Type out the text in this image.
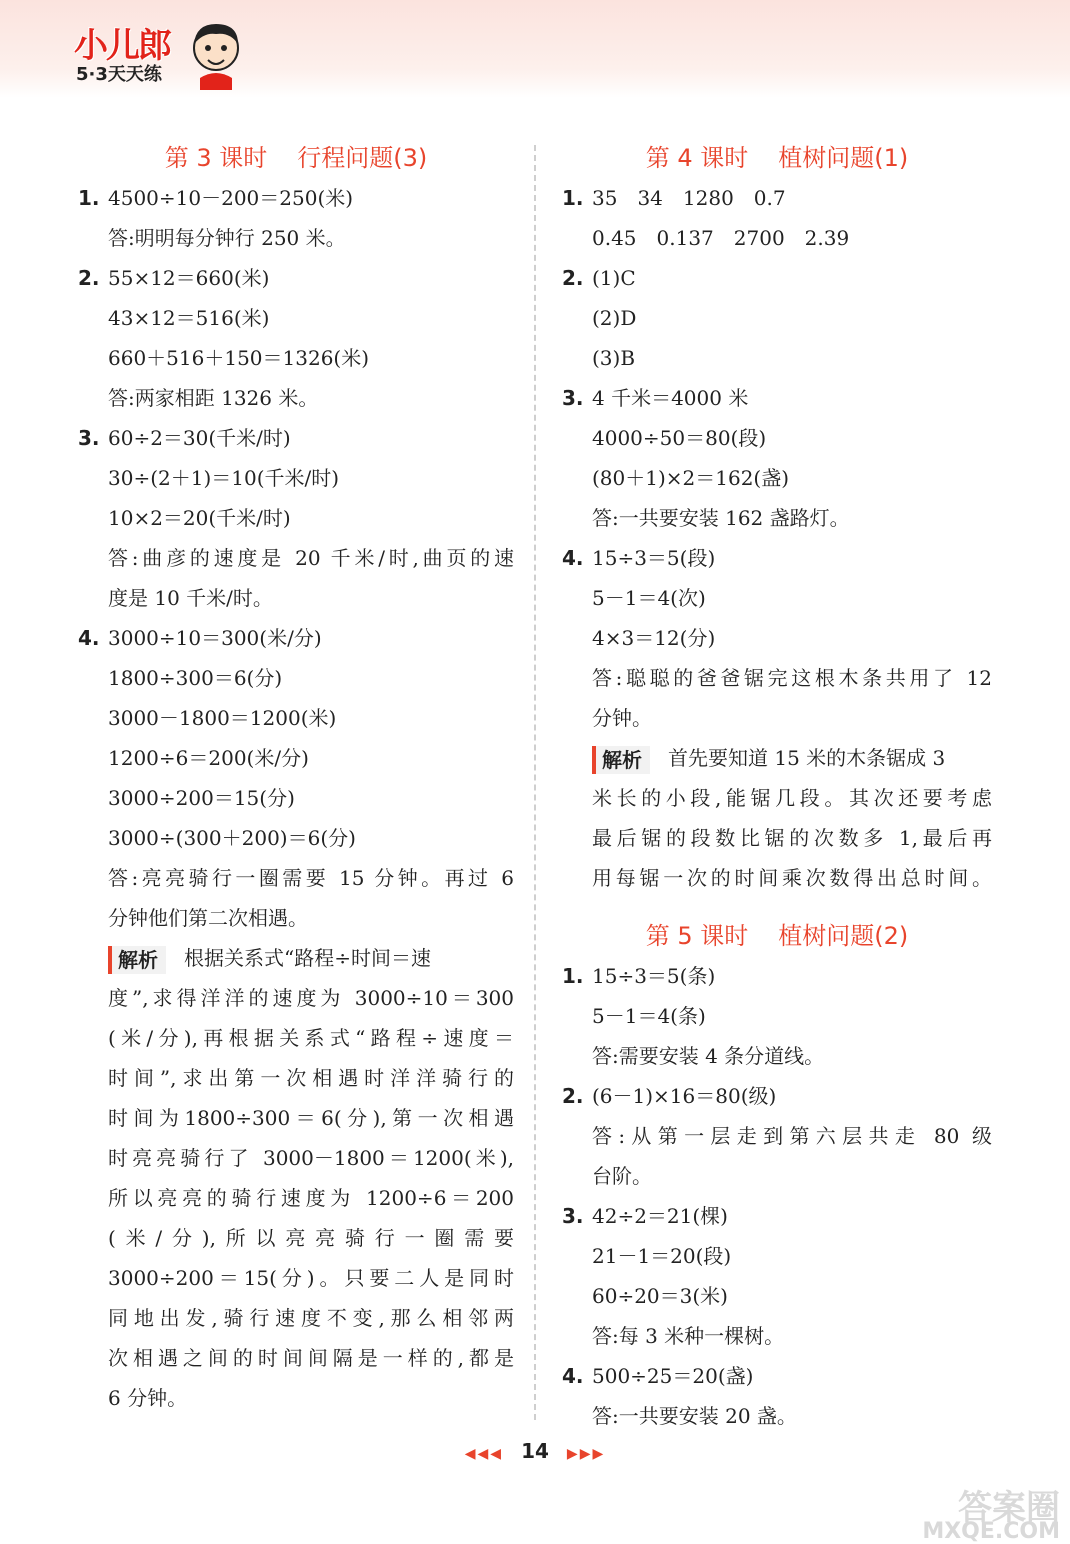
小儿郎
5·3天天练
第 3 课时 行程问题(3)
1. 4500÷10－200＝250(米)
答:明明每分钟行 250 米。
2. 55×12＝660(米)
43×12＝516(米)
660＋516＋150＝1326(米)
答:两家相距 1326 米。
3. 60÷2＝30(千米/时)
30÷(2＋1)＝10(千米/时)
10×2＝20(千米/时)
答:曲彦的速度是 20 千米/时,曲页的速
度是 10 千米/时。
4. 3000÷10＝300(米/分)
1800÷300＝6(分)
3000－1800＝1200(米)
1200÷6＝200(米/分)
3000÷200＝15(分)
3000÷(300＋200)＝6(分)
答:亮亮骑行一圈需要 15 分钟。再过 6
分钟他们第二次相遇。
解析 根据关系式“路程÷时间＝速
度”,求得洋洋的速度为 3000÷10＝300
(米/分),再根据关系式“路程÷速度＝
时间”,求出第一次相遇时洋洋骑行的
时间为1800÷300＝6(分),第一次相遇
时亮亮骑行了 3000－1800＝1200(米),
所以亮亮的骑行速度为 1200÷6＝200
(米/分),所以亮亮骑行一圈需要
3000÷200＝15(分)。只要二人是同时
同地出发,骑行速度不变,那么相邻两
次相遇之间的时间间隔是一样的,都是
6 分钟。
第 4 课时 植树问题(1)
1. 35　34　1280　0.7
0.45　0.137　2700　2.39
2. (1)C
(2)D
(3)B
3. 4 千米＝4000 米
4000÷50＝80(段)
(80＋1)×2＝162(盏)
答:一共要安装 162 盏路灯。
4. 15÷3＝5(段)
5－1＝4(次)
4×3＝12(分)
答:聪聪的爸爸锯完这根木条共用了 12
分钟。
解析 首先要知道 15 米的木条锯成 3
米长的小段,能锯几段。其次还要考虑
最后锯的段数比锯的次数多 1,最后再
用每锯一次的时间乘次数得出总时间。
第 5 课时 植树问题(2)
1. 15÷3＝5(条)
5－1＝4(条)
答:需要安装 4 条分道线。
2. (6－1)×16＝80(级)
答:从第一层走到第六层共走 80 级
台阶。
3. 42÷2＝21(棵)
21－1＝20(段)
60÷20＝3(米)
答:每 3 米种一棵树。
4. 500÷25＝20(盏)
答:一共要安装 20 盏。
◀◀◀ 14 ▶▶▶
答案圈
MXQE.COM
